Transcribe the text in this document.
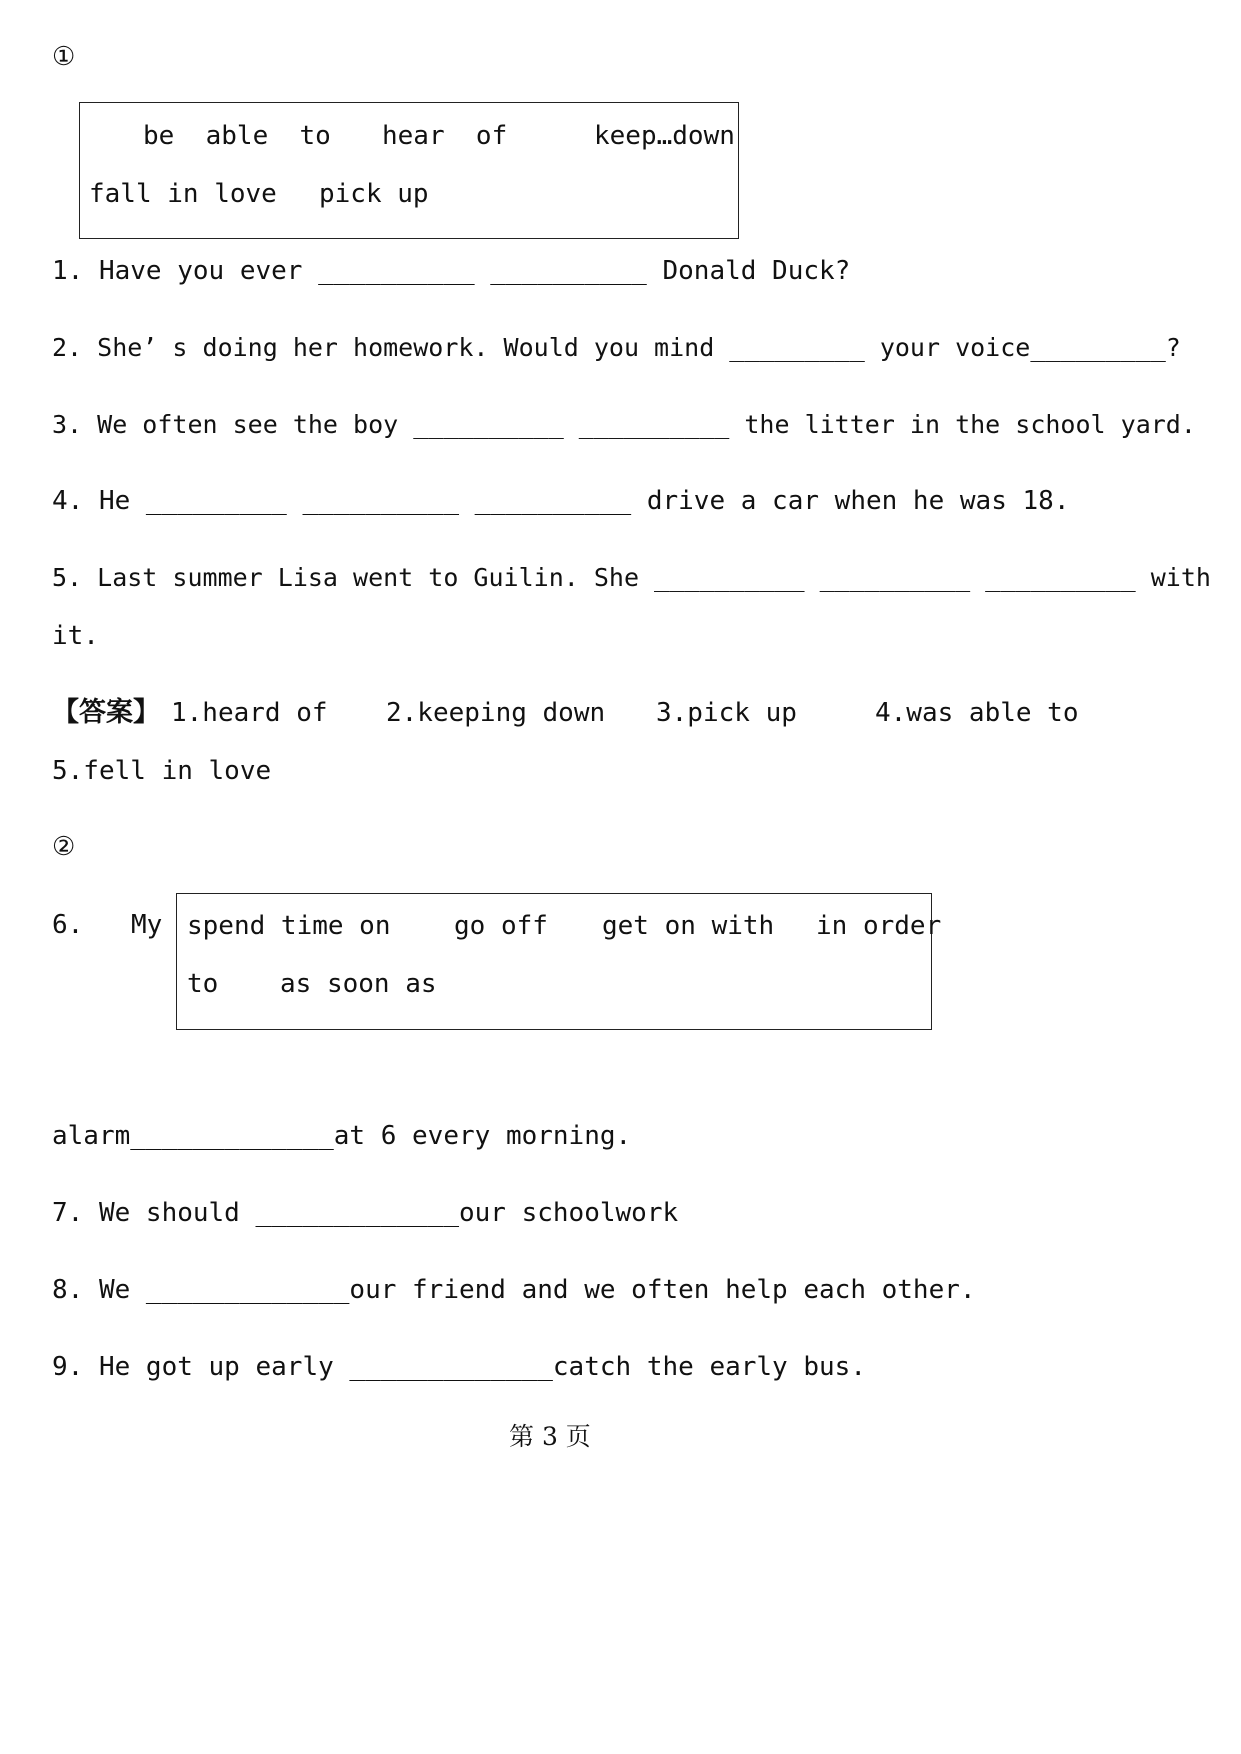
①
be  able  to hear  of	keep…down
fall in love pick up
1. Have you ever __________ __________ Donald Duck?
2. She’ s doing her homework. Would you mind _________ your voice_________?
3. We often see the boy __________ __________ the litter in the school yard.
4. He _________ __________ __________ drive a car when he was 18.
5. Last summer Lisa went to Guilin. She __________ __________ __________ with
it.
【答案】 1.heard of 2.keeping down 3.pick up	4.was able to
5.fell in love
②
6. My spend time on go off get on with in order
to as soon as
alarm_____________at 6 every morning.
7. We should _____________our schoolwork
8. We _____________our friend and we often help each other.
9. He got up early _____________catch the early bus.
第 3 页
